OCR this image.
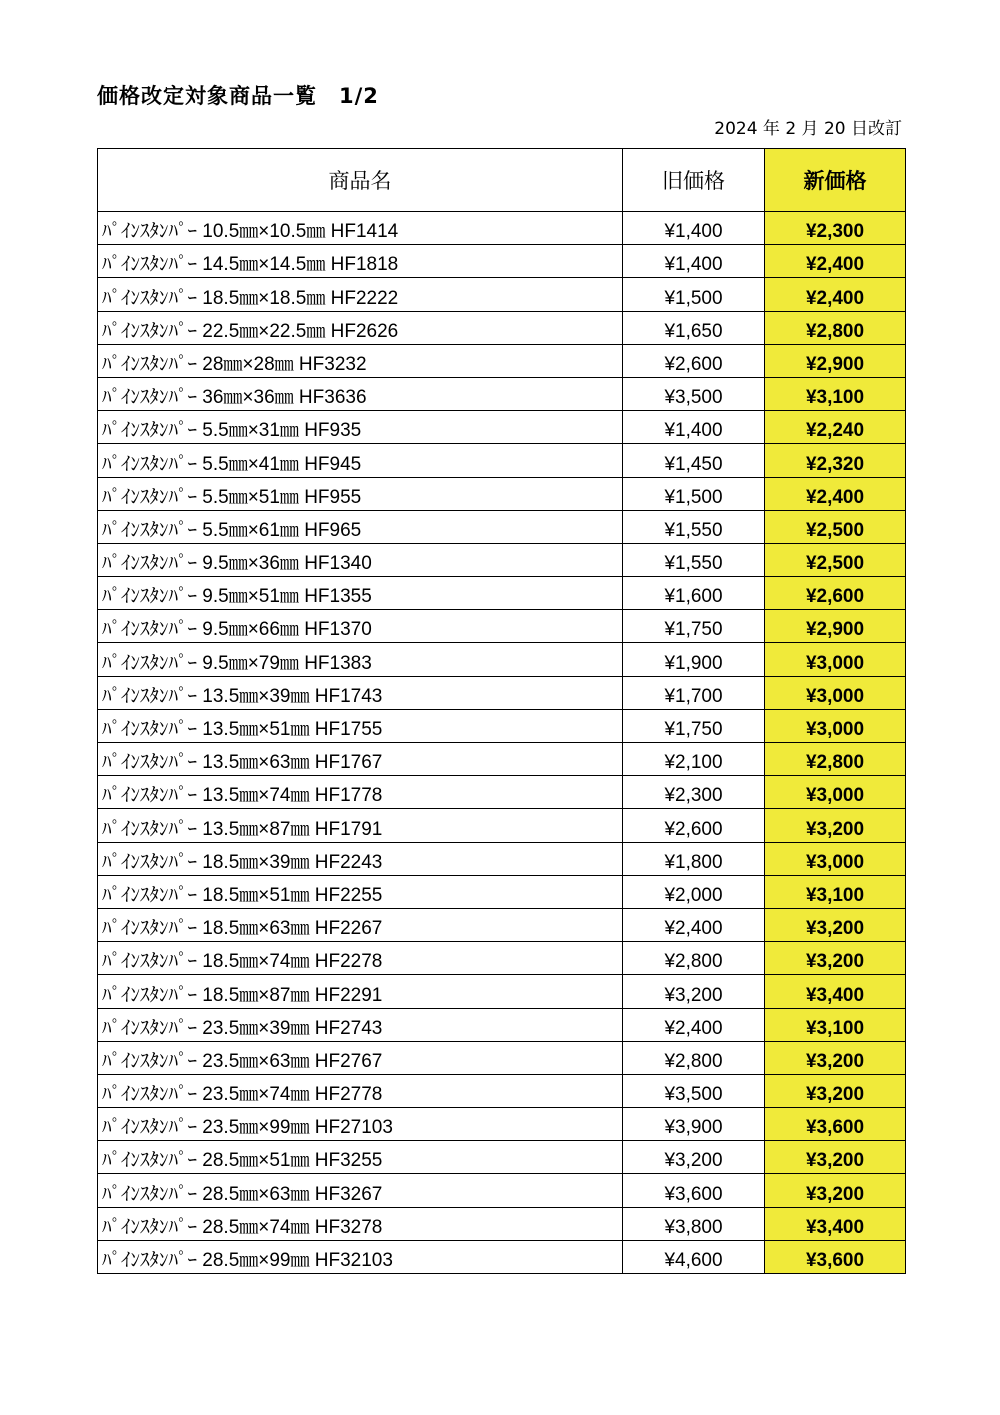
価格改定対象商品一覧　1/2
2024 年 2 月 20 日改訂
商品名	旧価格	新価格
ﾊﾟｲﾝｽﾀﾝﾊﾟｰ 10.5㎜×10.5㎜ HF1414	¥1,400	¥2,300
ﾊﾟｲﾝｽﾀﾝﾊﾟｰ 14.5㎜×14.5㎜ HF1818	¥1,400	¥2,400
ﾊﾟｲﾝｽﾀﾝﾊﾟｰ 18.5㎜×18.5㎜ HF2222	¥1,500	¥2,400
ﾊﾟｲﾝｽﾀﾝﾊﾟｰ 22.5㎜×22.5㎜ HF2626	¥1,650	¥2,800
ﾊﾟｲﾝｽﾀﾝﾊﾟｰ 28㎜×28㎜ HF3232	¥2,600	¥2,900
ﾊﾟｲﾝｽﾀﾝﾊﾟｰ 36㎜×36㎜ HF3636	¥3,500	¥3,100
ﾊﾟｲﾝｽﾀﾝﾊﾟｰ 5.5㎜×31㎜ HF935	¥1,400	¥2,240
ﾊﾟｲﾝｽﾀﾝﾊﾟｰ 5.5㎜×41㎜ HF945	¥1,450	¥2,320
ﾊﾟｲﾝｽﾀﾝﾊﾟｰ 5.5㎜×51㎜ HF955	¥1,500	¥2,400
ﾊﾟｲﾝｽﾀﾝﾊﾟｰ 5.5㎜×61㎜ HF965	¥1,550	¥2,500
ﾊﾟｲﾝｽﾀﾝﾊﾟｰ 9.5㎜×36㎜ HF1340	¥1,550	¥2,500
ﾊﾟｲﾝｽﾀﾝﾊﾟｰ 9.5㎜×51㎜ HF1355	¥1,600	¥2,600
ﾊﾟｲﾝｽﾀﾝﾊﾟｰ 9.5㎜×66㎜ HF1370	¥1,750	¥2,900
ﾊﾟｲﾝｽﾀﾝﾊﾟｰ 9.5㎜×79㎜ HF1383	¥1,900	¥3,000
ﾊﾟｲﾝｽﾀﾝﾊﾟｰ 13.5㎜×39㎜ HF1743	¥1,700	¥3,000
ﾊﾟｲﾝｽﾀﾝﾊﾟｰ 13.5㎜×51㎜ HF1755	¥1,750	¥3,000
ﾊﾟｲﾝｽﾀﾝﾊﾟｰ 13.5㎜×63㎜ HF1767	¥2,100	¥2,800
ﾊﾟｲﾝｽﾀﾝﾊﾟｰ 13.5㎜×74㎜ HF1778	¥2,300	¥3,000
ﾊﾟｲﾝｽﾀﾝﾊﾟｰ 13.5㎜×87㎜ HF1791	¥2,600	¥3,200
ﾊﾟｲﾝｽﾀﾝﾊﾟｰ 18.5㎜×39㎜ HF2243	¥1,800	¥3,000
ﾊﾟｲﾝｽﾀﾝﾊﾟｰ 18.5㎜×51㎜ HF2255	¥2,000	¥3,100
ﾊﾟｲﾝｽﾀﾝﾊﾟｰ 18.5㎜×63㎜ HF2267	¥2,400	¥3,200
ﾊﾟｲﾝｽﾀﾝﾊﾟｰ 18.5㎜×74㎜ HF2278	¥2,800	¥3,200
ﾊﾟｲﾝｽﾀﾝﾊﾟｰ 18.5㎜×87㎜ HF2291	¥3,200	¥3,400
ﾊﾟｲﾝｽﾀﾝﾊﾟｰ 23.5㎜×39㎜ HF2743	¥2,400	¥3,100
ﾊﾟｲﾝｽﾀﾝﾊﾟｰ 23.5㎜×63㎜ HF2767	¥2,800	¥3,200
ﾊﾟｲﾝｽﾀﾝﾊﾟｰ 23.5㎜×74㎜ HF2778	¥3,500	¥3,200
ﾊﾟｲﾝｽﾀﾝﾊﾟｰ 23.5㎜×99㎜ HF27103	¥3,900	¥3,600
ﾊﾟｲﾝｽﾀﾝﾊﾟｰ 28.5㎜×51㎜ HF3255	¥3,200	¥3,200
ﾊﾟｲﾝｽﾀﾝﾊﾟｰ 28.5㎜×63㎜ HF3267	¥3,600	¥3,200
ﾊﾟｲﾝｽﾀﾝﾊﾟｰ 28.5㎜×74㎜ HF3278	¥3,800	¥3,400
ﾊﾟｲﾝｽﾀﾝﾊﾟｰ 28.5㎜×99㎜ HF32103	¥4,600	¥3,600
